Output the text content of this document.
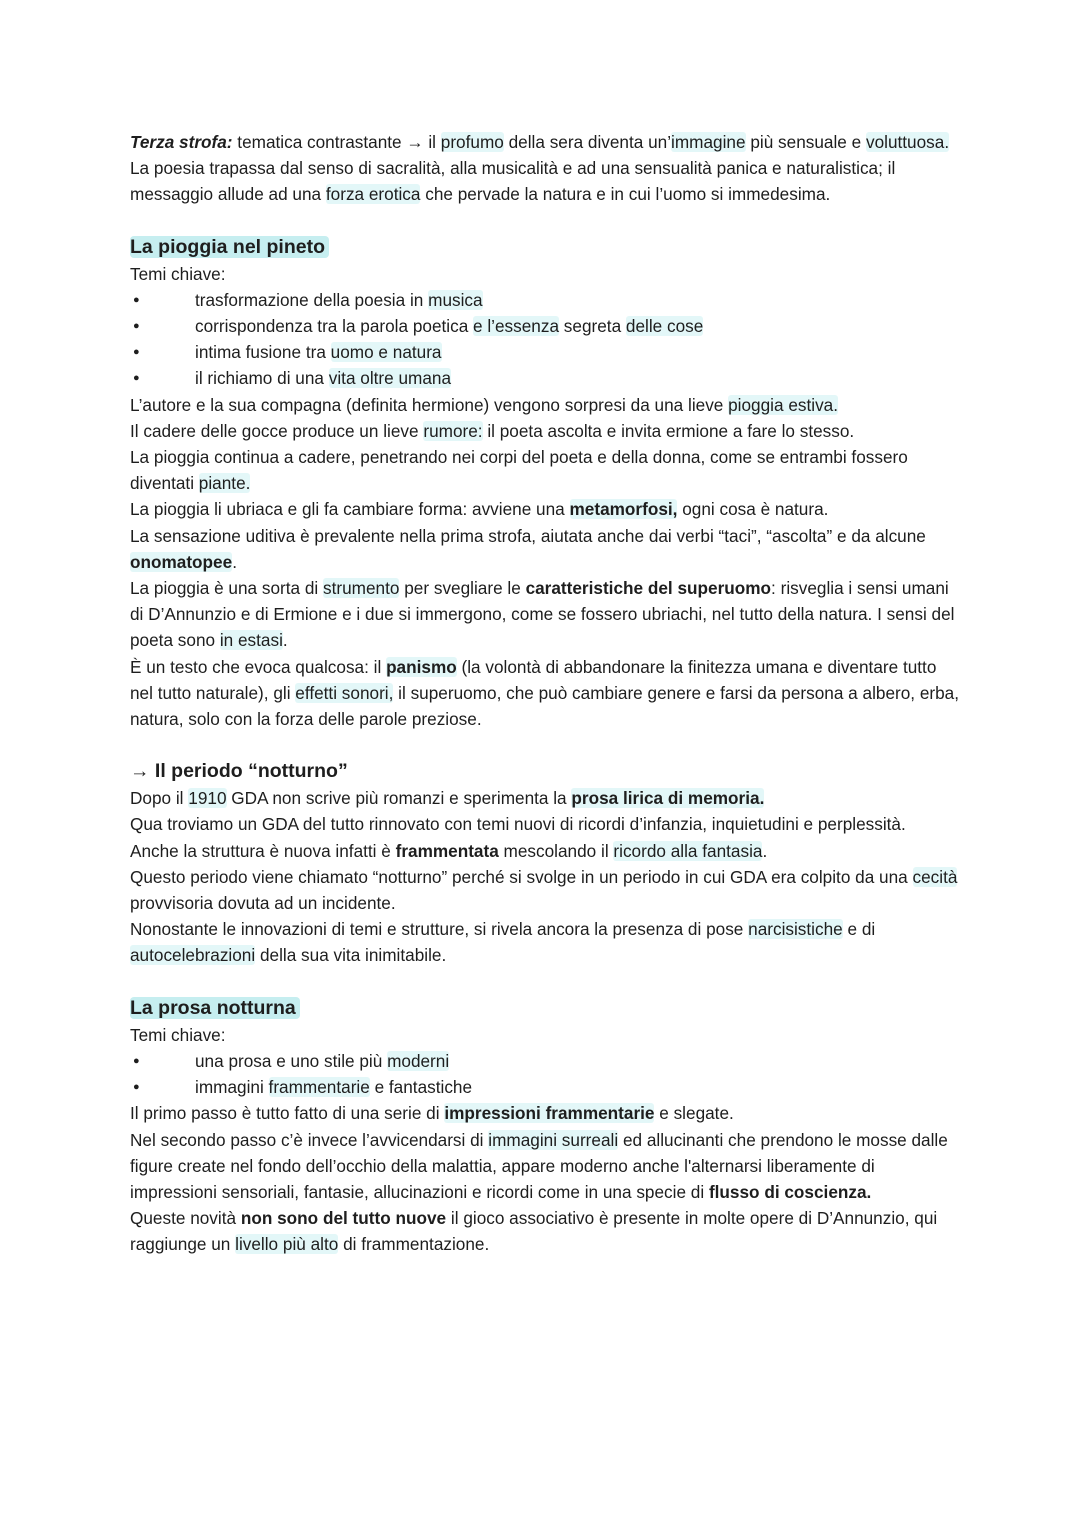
Terza strofa: tematica contrastante → il profumo della sera diventa un’immagine più sensuale e voluttuosa.

La poesia trapassa dal senso di sacralità, alla musicalità e ad una sensualità panica e naturalistica; il messaggio allude ad una forza erotica che pervade la natura e in cui l’uomo si immedesima.

La pioggia nel pineto

Temi chiave:

● trasformazione della poesia in musica
● corrispondenza tra la parola poetica e l’essenza segreta delle cose
● intima fusione tra uomo e natura
● il richiamo di una vita oltre umana

L’autore e la sua compagna (definita hermione) vengono sorpresi da una lieve pioggia estiva.

Il cadere delle gocce produce un lieve rumore: il poeta ascolta e invita ermione a fare lo stesso.

La pioggia continua a cadere, penetrando nei corpi del poeta e della donna, come se entrambi fossero

diventati piante.

La pioggia li ubriaca e gli fa cambiare forma: avviene una metamorfosi, ogni cosa è natura.

La sensazione uditiva è prevalente nella prima strofa, aiutata anche dai verbi “taci”, “ascolta” e da alcune onomatopee.

La pioggia è una sorta di strumento per svegliare le caratteristiche del superuomo: risveglia i sensi umani di D’Annunzio e di Ermione e i due si immergono, come se fossero ubriachi, nel tutto della natura. I sensi del poeta sono in estasi.

È un testo che evoca qualcosa: il panismo (la volontà di abbandonare la finitezza umana e diventare tutto nel tutto naturale), gli effetti sonori, il superuomo, che può cambiare genere e farsi da persona a albero, erba, natura, solo con la forza delle parole preziose.

→ Il periodo “notturno”

Dopo il 1910 GDA non scrive più romanzi e sperimenta la prosa lirica di memoria.

Qua troviamo un GDA del tutto rinnovato con temi nuovi di ricordi d’infanzia, inquietudini e perplessità.

Anche la struttura è nuova infatti è frammentata mescolando il ricordo alla fantasia.

Questo periodo viene chiamato “notturno” perché si svolge in un periodo in cui GDA era colpito da una cecità provvisoria dovuta ad un incidente.

Nonostante le innovazioni di temi e strutture, si rivela ancora la presenza di pose narcisistiche e di autocelebrazioni della sua vita inimitabile.

La prosa notturna

Temi chiave:

● una prosa e uno stile più moderni
● immagini frammentarie e fantastiche

Il primo passo è tutto fatto di una serie di impressioni frammentarie e slegate.

Nel secondo passo c’è invece l’avvicendarsi di immagini surreali ed allucinanti che prendono le mosse dalle figure create nel fondo dell’occhio della malattia, appare moderno anche l'alternarsi liberamente di impressioni sensoriali, fantasie, allucinazioni e ricordi come in una specie di flusso di coscienza.

Queste novità non sono del tutto nuove il gioco associativo è presente in molte opere di D’Annunzio, qui raggiunge un livello più alto di frammentazione.
